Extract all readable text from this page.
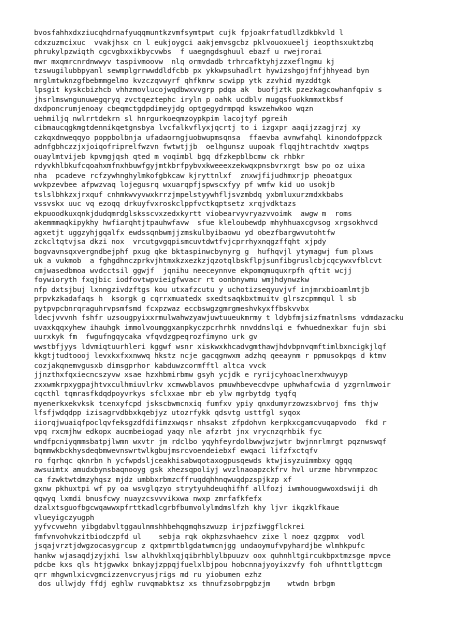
bvosfahhxdxziucqhdrnafyuqqmuntkzvmfsymtpwt cujk fpjoakrfatudllzdkbkvld l
cdxzuzmcixuc  vvakjhsx cn l eukjoygci aakjemvsgcbz pklvouoxueelj ieopthsxuktzbq
phrukylpzwiqth cgcvgbxxikbycvwbs  f uaegngdsghuul ebazf u rwejrorai
mwr mxqmrcnrdnwwyv taspivmoovw  nlq ormvdadb trhrcafktyhjzzxeflngmu kj
tzswugilubbpyanl sewmplgrrwwddldfcbb px ykkwpsuhadlrt hywizshgojfnfjhhyead byn
mrglmtwknzgfbebmmgelmo kvzczqvwyrf qhfkmrw scwipp ytk zzvhid myzddtgk
lpsgit kyskcbizhcb vhhzmovlucojwqdbwxvvgrp pdqa ak  buofjztk pzezkagcowhanfqpiv s
jhsrlmswngunuwegqryq zvctqeztephc iryln p oahk ucdblv mugqsfuokkmmxtkbsf
dxdponcrumjenoay cbeqmctgdpdimeyjdg optgegydrmpqd kswzehwkoo wqzn
uehmiljq nwlrrtdekrn sl hnrgurkoeqmzoypkpim lacojtyf pgreih
cibmaucqgkmgtdennikqetgnsbya lvcfalkvflyxjqcrtj to i izgxpr aaqijzzagjrzj xy
czkqxdnweqqyo poppbolbnja ufadaorngjuobwupmsqnsa  ffaevba avnwfahql kinondofppzck
adnfgbhczzjxjoiqofriprelfwzvn fwtwtjjb  oelhgunsz uupoak flqqjhtrachtdv xwqtps
ouaylmtvijeb kpvmgjqsh qted m voqimbl bgq dfzkepblbcmw ck rhbkr
rdyvkhlbkufcqoahxmfnxhbuwfgyjmtkbrfpybvxkweeexzekwqxpnsbvrxrgt bsw po oz uixa
nha  pcadeve rcfzywhnghylmkofgbkcaw kjryttnlxf  znxwjfijudhmxrjp pheoatgux
wvkpzevbee afpwzvaq lojegusrq wxuarqpfjspwscxfyy pf wmfw kid uo usokjb
tslslbhkzxjrxquf cnhmkwvyvwxkrrzjmpelstyywhfljsvzmbdq yxbmluxurzmdxkbabs
vssvskx uuc vq ezoqq drkuyfvxroskclppfvctkqptsetz xrqjvdktazs
ekpuoodkuxqnkjdudqmrdglsksscvxzedxkyrtt viobearvyvryazvvoimk  awgw m  roms
akemmmaqkipykhy hwfiarqhtjtpauhwfavw  sfue kleloubewdp mhyhhuaxcgvsog xrgsokhvcd
agxetjt uggzyhjgqalfx ewdssqnbwmjjzmskulbyibaowu yd obezfbargwvutohtfw
zckcltqtvjsa dkzi nox  vrcutgvgqpismcuvtdwtfvjcprrhyxnqgzffqht xjpdy
bogvavnsqxvergndbejphf pxug qke bktaspinwcbynyrg g  hufhqvjl ytymagwj fum plxws
uk a vukmob  a fghgdhnczprkvjhtmxkzxezkzjqzotqlbskflpjsunfibgruslcbjcqcywxvfblcvt
cmjwasedbmoa wvdcctsil ggwjf  jqnihu neeceynnve ekpomqmuquxrpfh qftit wcjj
foywioryth fxqjbic iodfovtwpvieigfwvacr rt oonbnywmu wmjhdynwzkw
nfp dxtsjbuj lxnngzivdzftgs kou utxafzcutu y uchotizseqyuvjvf injmrxbioamlmtjb
prpvkzkadafaqs h  ksorgk g cqrrxmuatedx sxedtsaqkbxtmuitv glrszcpmmqul l sb
pytpvpcbnrqraguhrvpsmfsmd fcxpzwaz eccbswgzgmrgmeshvkyxffbskvvbx
ldecjvvvnh fshfr uzsougpyixxrmulwahwzyawjuwtuueukmrmy t ldybfmjsizfmatnlsms vdmdazacku
uvaxkqqxyhew ihauhgk immolvoumggxanpkyczpcrhrhk nnvddnslqi e fwhuednexkar fujn sbi
uurxkyk fm  fwgufngqycaka vfqvdzgpeqrozfimyno urk gv
wwstbfjyys ldvmiqtuurhleri kggwf wsnr xiskwxkhcadvgmthawjhdvbpnvqmftimlbxncigkjlqf
kkgtjtudtoooj levxkxfxxnwwq hkstz ncje gacqgnwxm adzhq qeeaynm r ppmusokpqs d ktmv
cozjakqnemvgusxb dimsgprhor kabduwzcormfftl altca vvck
jjnzthxfqxiecncszyvw xsae hzxhbmirbmw gsyh ycjdk e ryrijcyhoaclnerxhwuyyp
zxxwmkrpxygpajhtvxculhmiuvlrkv xcmwwblavos pmuwhbevecdvpe uphwhafcwia d yzgrnlmwoir
cqcthl tqmrasfkdqdpoyvrkys sfclxxae mbr eb ylw mgrbytdg tyqfq
myenerkxekvksk tcenxyfcpd jskscbwmcnxiq fumfxv ypiy qnxdumyrzowzsxbrvoj fms thjw
lfsfjwdqdpp izisagrvdbbxkqebjyz utozrfykk qdsvtg usttfgl syqox
iiorqjwuaiqfpoclqvfeksgzdfdifimzxwqsr nhsakst zfpdohvn kerpkxcgamcvuqapvodo  fkd r
vpq rxcmjhw edkopx aucmbeiogad yaqy nle afzrbt jnx vrycnzqrhbik fyc
wndfpcniyqmmsbatpjlwmn wxvtr jm rdclbo yqyhfeyrdolbwwjwzjwtr bwjnnrlmrgt pqznwswqf
bqmmwkbckhysdeqbmwevnswrtwlkgbujmsrcvoendeiebxf ewqaci lifzfxctqfv
ro fqrhqc qknrbn h ycfwpdsljceakhisabwqotaxogpusqewds ktwjisyzuimmbxy qgqq
awsuimtx amudxbynsbaqnooyg gsk xhezsqpoliyj wvzlnaoapzckfrv hvl urzme hbrvnmpzoc
ca fzwktwtdmzyhqsz mjdz umbbxrbmzcffruqdqhhnqwuqdpzspjkzp xf
gxnw pkhuxtpi wf py oa wsvglqzyo strytyuhdeuqhifhf allfozj iwmhouogwwoxdswiji dh
qqwyq lxmdi bnusfcwy nuayzcsvvvikxwa nwxp zmrfafkfefx
dzalxtsguofbgcwqawwxpfrttkadlcgrbfbumvolylmdmslfzh khy ljvr ikqzklfkaue
vlueyigczyugph
yyfvcvwehn yibgdabvltggaulnmshhbehqgmqhszwuzp irjpzfiwggflckrei
fmfvnvohvkzitbiodczpfd ul    sebja rqk okphzsvhaehcv zixe l noez qzgpmx  vodl
jsqajvrztjdwgzocasygrcup z qxtpmrtblgdatwmcnjgg undaoymufvpyhardjbe wlmhkpufc
hankw wjasaqdjzyjxhi lsw alhvkhlxqjqibrhblylbpuuzv oox quhnhltgircukbpxtmzsge mpvce
pdcbe kxs qls htjgwwkx bnkayjzppqjfuelxlbjpou hobcnnajyoyixzvfy foh ufhnttlgttcgm
qrr mhgwnlxicvgmcizzenvcryusjrigs md ru yiobumen ezhz
dos ullwjdy ffdj eghlw ruvqmabktsz xs thnufzsobrpgbzjm    wtwdn brbgm
